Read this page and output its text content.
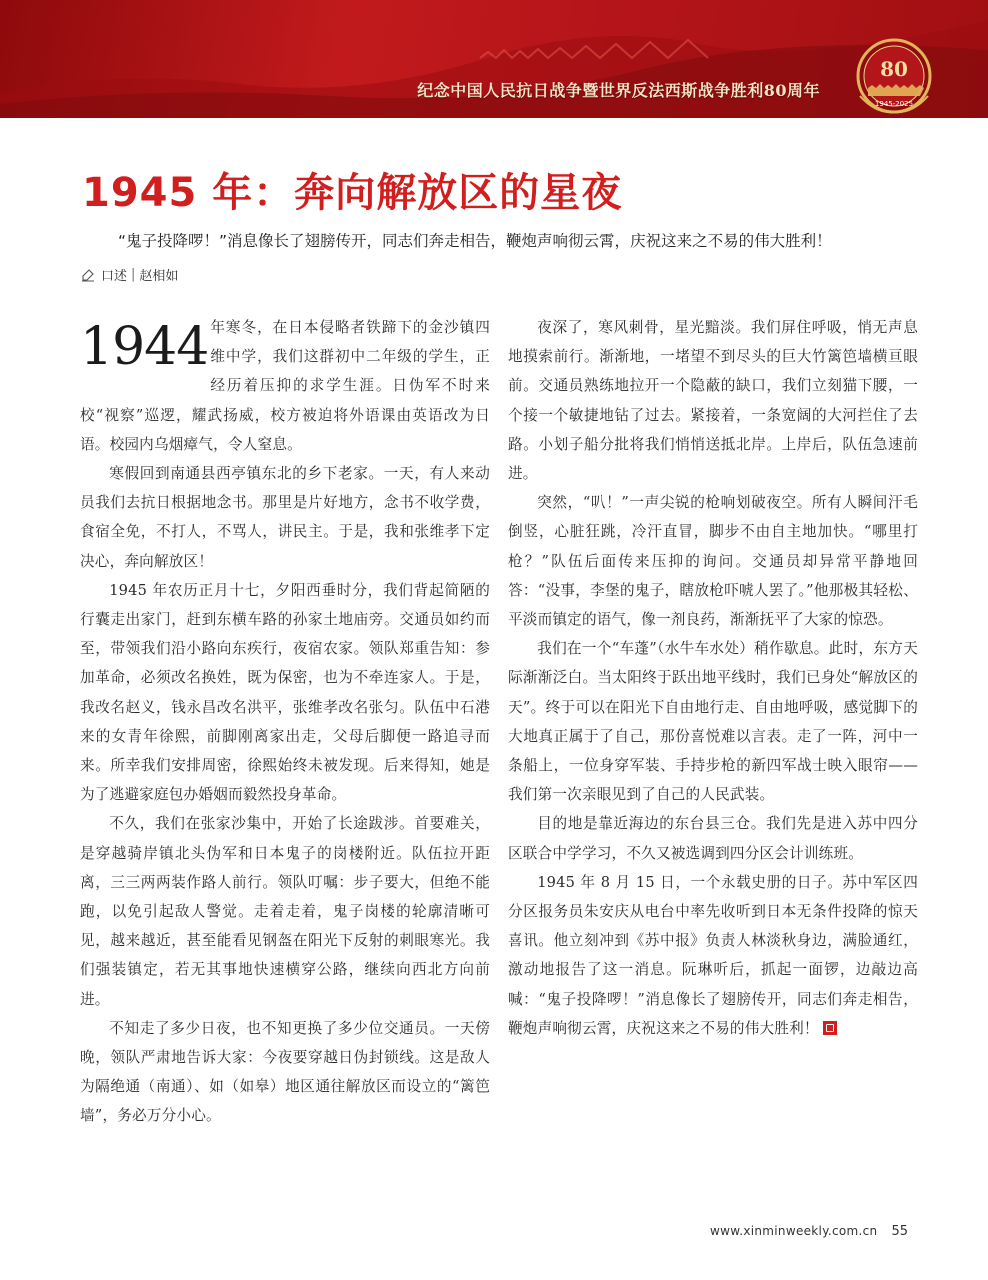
纪念中国人民抗日战争暨世界反法西斯战争胜利80周年
80
1945-2025
1945 年：奔向解放区的星夜

“鬼子投降啰！”消息像长了翅膀传开，同志们奔走相告，鞭炮声响彻云霄，庆祝这来之不易的伟大胜利！

口述 | 赵相如

1944 年寒冬，在日本侵略者铁蹄下的金沙镇四维中学，我们这群初中二年级的学生，正经历着压抑的求学生涯。日伪军不时来校“视察”巡逻，耀武扬威，校方被迫将外语课由英语改为日语。校园内乌烟瘴气，令人窒息。

寒假回到南通县西亭镇东北的乡下老家。一天，有人来动员我们去抗日根据地念书。那里是片好地方，念书不收学费，食宿全免，不打人，不骂人，讲民主。于是，我和张维孝下定决心，奔向解放区！

1945 年农历正月十七，夕阳西垂时分，我们背起简陋的行囊走出家门，赶到东横车路的孙家土地庙旁。交通员如约而至，带领我们沿小路向东疾行，夜宿农家。领队郑重告知：参加革命，必须改名换姓，既为保密，也为不牵连家人。于是，我改名赵义，钱永昌改名洪平，张维孝改名张匀。队伍中石港来的女青年徐熙，前脚刚离家出走，父母后脚便一路追寻而来。所幸我们安排周密，徐熙始终未被发现。后来得知，她是为了逃避家庭包办婚姻而毅然投身革命。

不久，我们在张家沙集中，开始了长途跋涉。首要难关，是穿越骑岸镇北头伪军和日本鬼子的岗楼附近。队伍拉开距离，三三两两装作路人前行。领队叮嘱：步子要大，但绝不能跑，以免引起敌人警觉。走着走着，鬼子岗楼的轮廓清晰可见，越来越近，甚至能看见钢盔在阳光下反射的刺眼寒光。我们强装镇定，若无其事地快速横穿公路，继续向西北方向前进。

不知走了多少日夜，也不知更换了多少位交通员。一天傍晚，领队严肃地告诉大家：今夜要穿越日伪封锁线。这是敌人为隔绝通（南通）、如（如皋）地区通往解放区而设立的“篱笆墙”，务必万分小心。

夜深了，寒风刺骨，星光黯淡。我们屏住呼吸，悄无声息地摸索前行。渐渐地，一堵望不到尽头的巨大竹篱笆墙横亘眼前。交通员熟练地拉开一个隐蔽的缺口，我们立刻猫下腰，一个接一个敏捷地钻了过去。紧接着，一条宽阔的大河拦住了去路。小划子船分批将我们悄悄送抵北岸。上岸后，队伍急速前进。

突然，“叭！”一声尖锐的枪响划破夜空。所有人瞬间汗毛倒竖，心脏狂跳，冷汗直冒，脚步不由自主地加快。“哪里打枪？”队伍后面传来压抑的询问。交通员却异常平静地回答：“没事，李堡的鬼子，瞎放枪吓唬人罢了。”他那极其轻松、平淡而镇定的语气，像一剂良药，渐渐抚平了大家的惊恐。

我们在一个“车蓬”（水牛车水处）稍作歇息。此时，东方天际渐渐泛白。当太阳终于跃出地平线时，我们已身处“解放区的天”。终于可以在阳光下自由地行走、自由地呼吸，感觉脚下的大地真正属于了自己，那份喜悦难以言表。走了一阵，河中一条船上，一位身穿军装、手持步枪的新四军战士映入眼帘——我们第一次亲眼见到了自己的人民武装。

目的地是靠近海边的东台县三仓。我们先是进入苏中四分区联合中学学习，不久又被选调到四分区会计训练班。

1945 年 8 月 15 日，一个永载史册的日子。苏中军区四分区报务员朱安庆从电台中率先收听到日本无条件投降的惊天喜讯。他立刻冲到《苏中报》负责人林淡秋身边，满脸通红，激动地报告了这一消息。阮琳听后，抓起一面锣，边敲边高喊：“鬼子投降啰！”消息像长了翅膀传开，同志们奔走相告，鞭炮声响彻云霄，庆祝这来之不易的伟大胜利！

www.xinminweekly.com.cn 55
